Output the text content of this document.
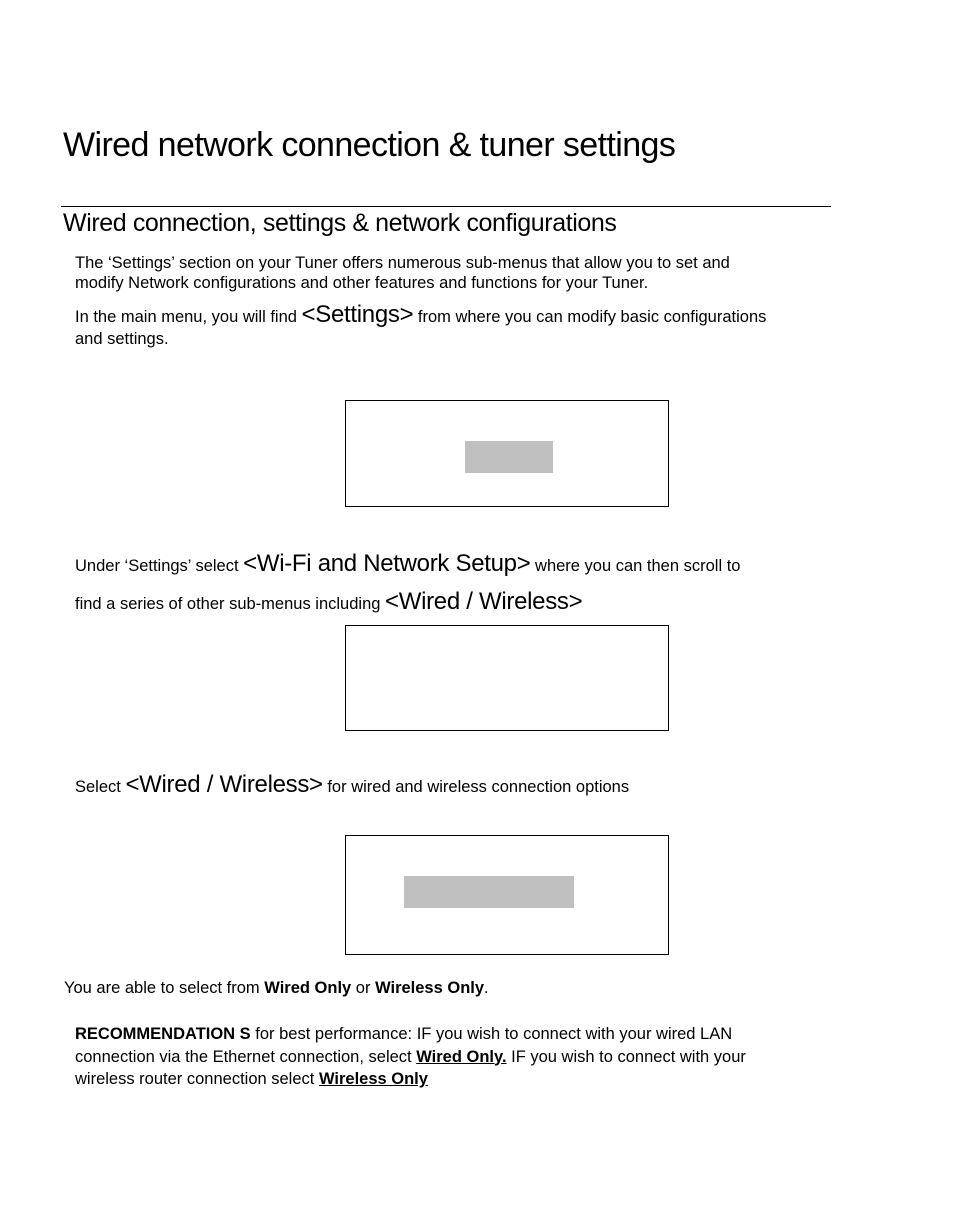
Wired network connection & tuner settings
Wired connection, settings & network configurations
The ‘Settings’ section on your Tuner offers numerous sub-menus that allow you to set and
modify Network configurations and other features and functions for your Tuner.
In the main menu, you will find <Settings> from where you can modify basic configurations
and settings.
Under ‘Settings’ select <Wi-Fi and Network Setup> where you can then scroll to
find a series of other sub-menus including <Wired / Wireless>
Select <Wired / Wireless> for wired and wireless connection options
You are able to select from Wired Only or Wireless Only.
RECOMMENDATION S for best performance: IF you wish to connect with your wired LAN
connection via the Ethernet connection, select Wired Only. IF you wish to connect with your
wireless router connection select Wireless Only
